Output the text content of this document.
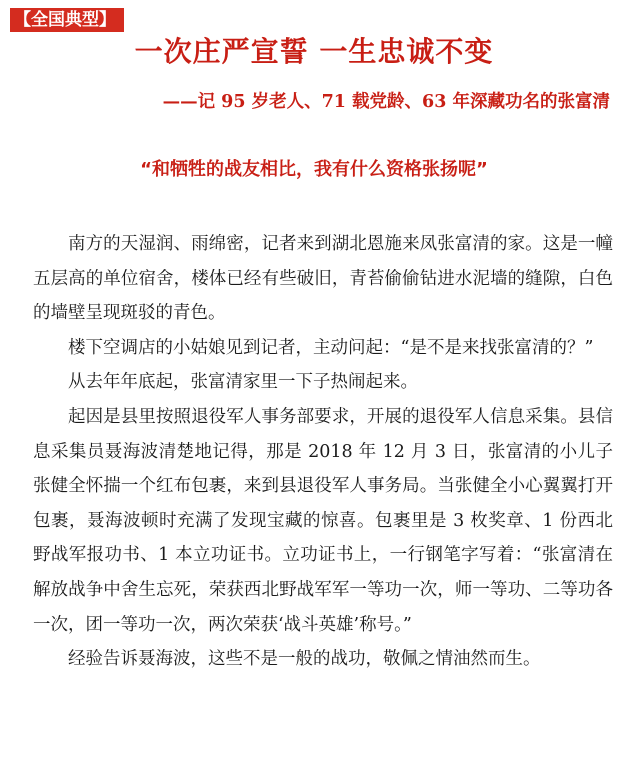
【全国典型】
一次庄严宣誓 一生忠诚不变
——记 95 岁老人、71 载党龄、63 年深藏功名的张富清
“和牺牲的战友相比，我有什么资格张扬呢”

南方的天湿润、雨绵密，记者来到湖北恩施来凤张富清的家。这是一幢五层高的单位宿舍，楼体已经有些破旧，青苔偷偷钻进水泥墙的缝隙，白色的墙壁呈现斑驳的青色。

楼下空调店的小姑娘见到记者，主动问起：“是不是来找张富清的？”

从去年年底起，张富清家里一下子热闹起来。

起因是县里按照退役军人事务部要求，开展的退役军人信息采集。县信息采集员聂海波清楚地记得，那是 2018 年 12 月 3 日，张富清的小儿子张健全怀揣一个红布包裹，来到县退役军人事务局。当张健全小心翼翼打开包裹，聂海波顿时充满了发现宝藏的惊喜。包裹里是 3 枚奖章、1 份西北野战军报功书、1 本立功证书。立功证书上，一行钢笔字写着：“张富清在解放战争中舍生忘死，荣获西北野战军军一等功一次，师一等功、二等功各一次，团一等功一次，两次荣获‘战斗英雄’称号。”

经验告诉聂海波，这些不是一般的战功，敬佩之情油然而生。
